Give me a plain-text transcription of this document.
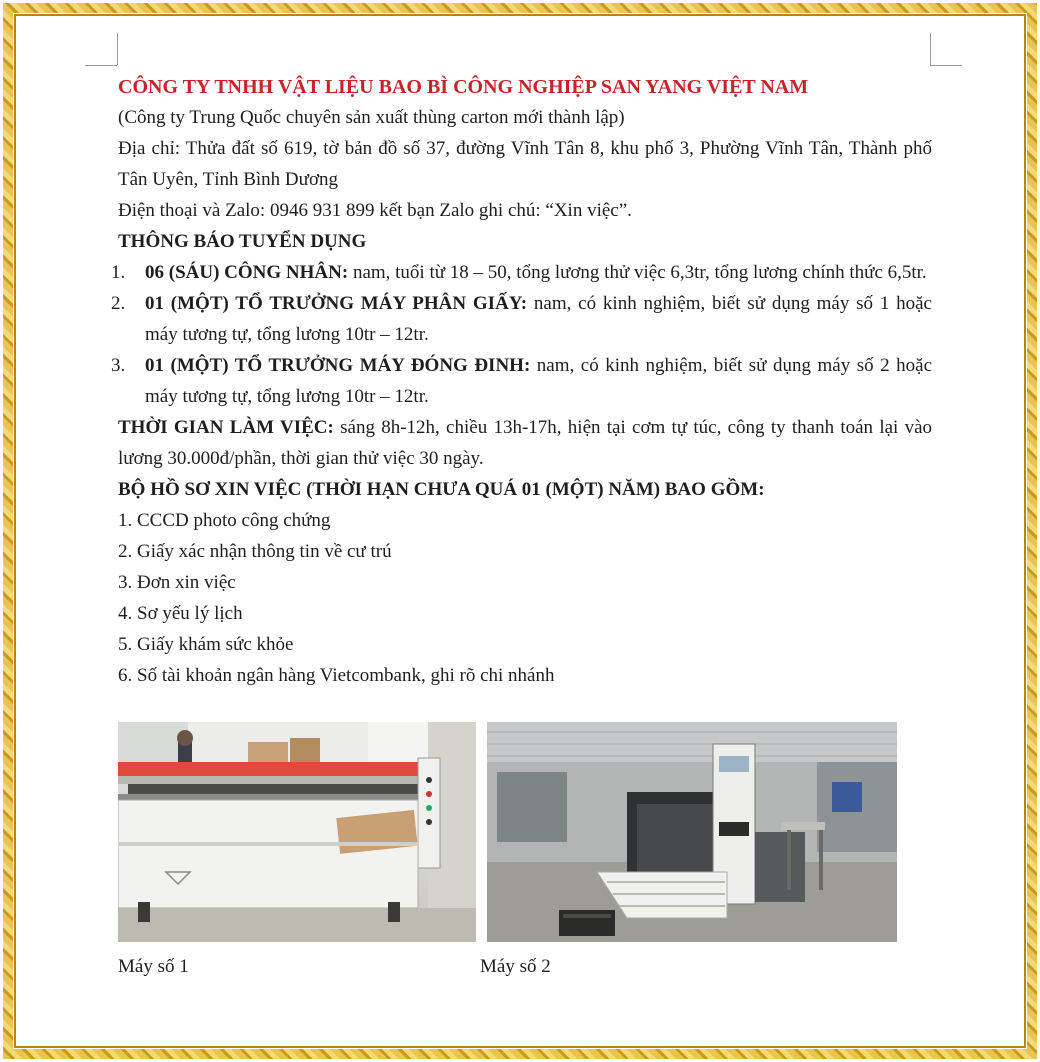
CÔNG TY TNHH VẬT LIỆU BAO BÌ CÔNG NGHIỆP SAN YANG VIỆT NAM

(Công ty Trung Quốc chuyên sản xuất thùng carton mới thành lập)

Địa chỉ: Thửa đất số 619, tờ bản đồ số 37, đường Vĩnh Tân 8, khu phố 3, Phường Vĩnh Tân, Thành phố Tân Uyên, Tỉnh Bình Dương

Điện thoại và Zalo: 0946 931 899 kết bạn Zalo ghi chú: “Xin việc”.

THÔNG BÁO TUYỂN DỤNG

1. 06 (SÁU) CÔNG NHÂN: nam, tuổi từ 18 – 50, tổng lương thử việc 6,3tr, tổng lương chính thức 6,5tr.
2. 01 (MỘT) TỔ TRƯỞNG MÁY PHÂN GIẤY: nam, có kinh nghiệm, biết sử dụng máy số 1 hoặc máy tương tự, tổng lương 10tr – 12tr.
3. 01 (MỘT) TỔ TRƯỞNG MÁY ĐÓNG ĐINH: nam, có kinh nghiệm, biết sử dụng máy số 2 hoặc máy tương tự, tổng lương 10tr – 12tr.

THỜI GIAN LÀM VIỆC: sáng 8h-12h, chiều 13h-17h, hiện tại cơm tự túc, công ty thanh toán lại vào lương 30.000đ/phần, thời gian thử việc 30 ngày.

BỘ HỒ SƠ XIN VIỆC (THỜI HẠN CHƯA QUÁ 01 (MỘT) NĂM) BAO GỒM:

1. CCCD photo công chứng
2. Giấy xác nhận thông tin về cư trú
3. Đơn xin việc
4. Sơ yếu lý lịch
5. Giấy khám sức khỏe
6. Số tài khoản ngân hàng Vietcombank, ghi rõ chi nhánh
Máy số 1	Máy số 2
